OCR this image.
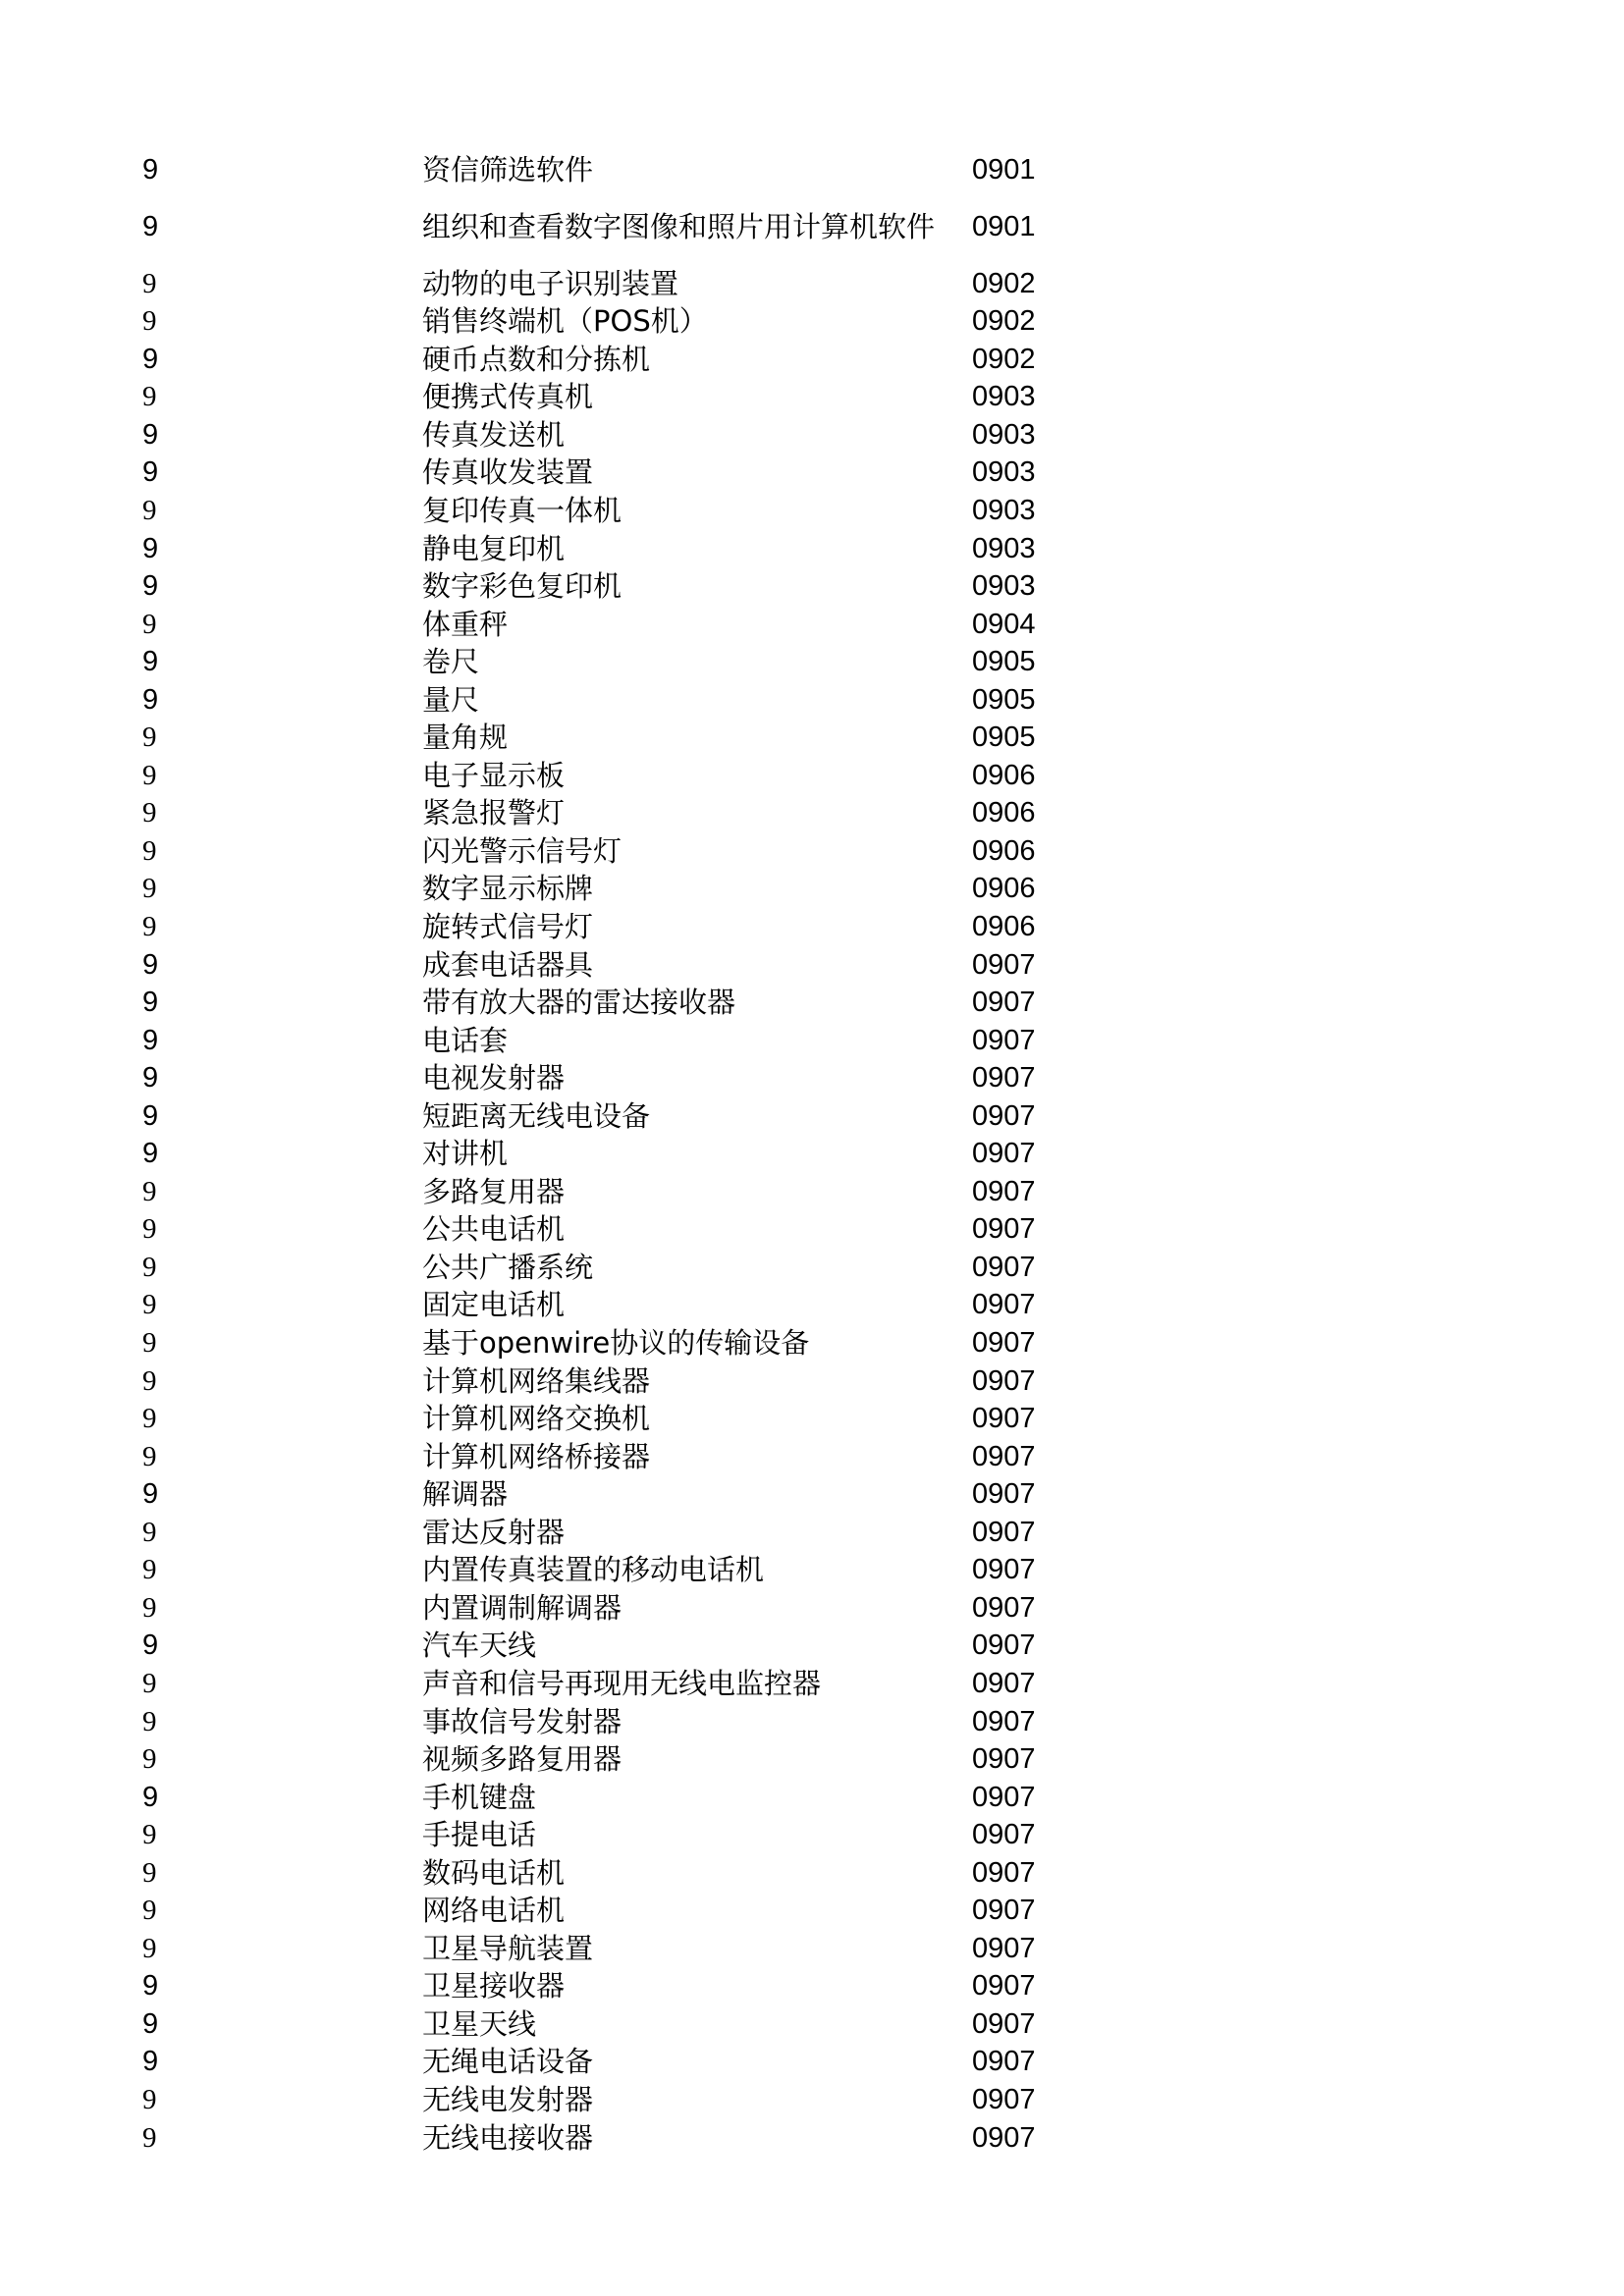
9	资信筛选软件	0901
9	组织和查看数字图像和照片用计算机软件	0901
9	动物的电子识别装置	0902
9	销售终端机（POS机）	0902
9	硬币点数和分拣机	0902
9	便携式传真机	0903
9	传真发送机	0903
9	传真收发装置	0903
9	复印传真一体机	0903
9	静电复印机	0903
9	数字彩色复印机	0903
9	体重秤	0904
9	卷尺	0905
9	量尺	0905
9	量角规	0905
9	电子显示板	0906
9	紧急报警灯	0906
9	闪光警示信号灯	0906
9	数字显示标牌	0906
9	旋转式信号灯	0906
9	成套电话器具	0907
9	带有放大器的雷达接收器	0907
9	电话套	0907
9	电视发射器	0907
9	短距离无线电设备	0907
9	对讲机	0907
9	多路复用器	0907
9	公共电话机	0907
9	公共广播系统	0907
9	固定电话机	0907
9	基于openwire协议的传输设备	0907
9	计算机网络集线器	0907
9	计算机网络交换机	0907
9	计算机网络桥接器	0907
9	解调器	0907
9	雷达反射器	0907
9	内置传真装置的移动电话机	0907
9	内置调制解调器	0907
9	汽车天线	0907
9	声音和信号再现用无线电监控器	0907
9	事故信号发射器	0907
9	视频多路复用器	0907
9	手机键盘	0907
9	手提电话	0907
9	数码电话机	0907
9	网络电话机	0907
9	卫星导航装置	0907
9	卫星接收器	0907
9	卫星天线	0907
9	无绳电话设备	0907
9	无线电发射器	0907
9	无线电接收器	0907
